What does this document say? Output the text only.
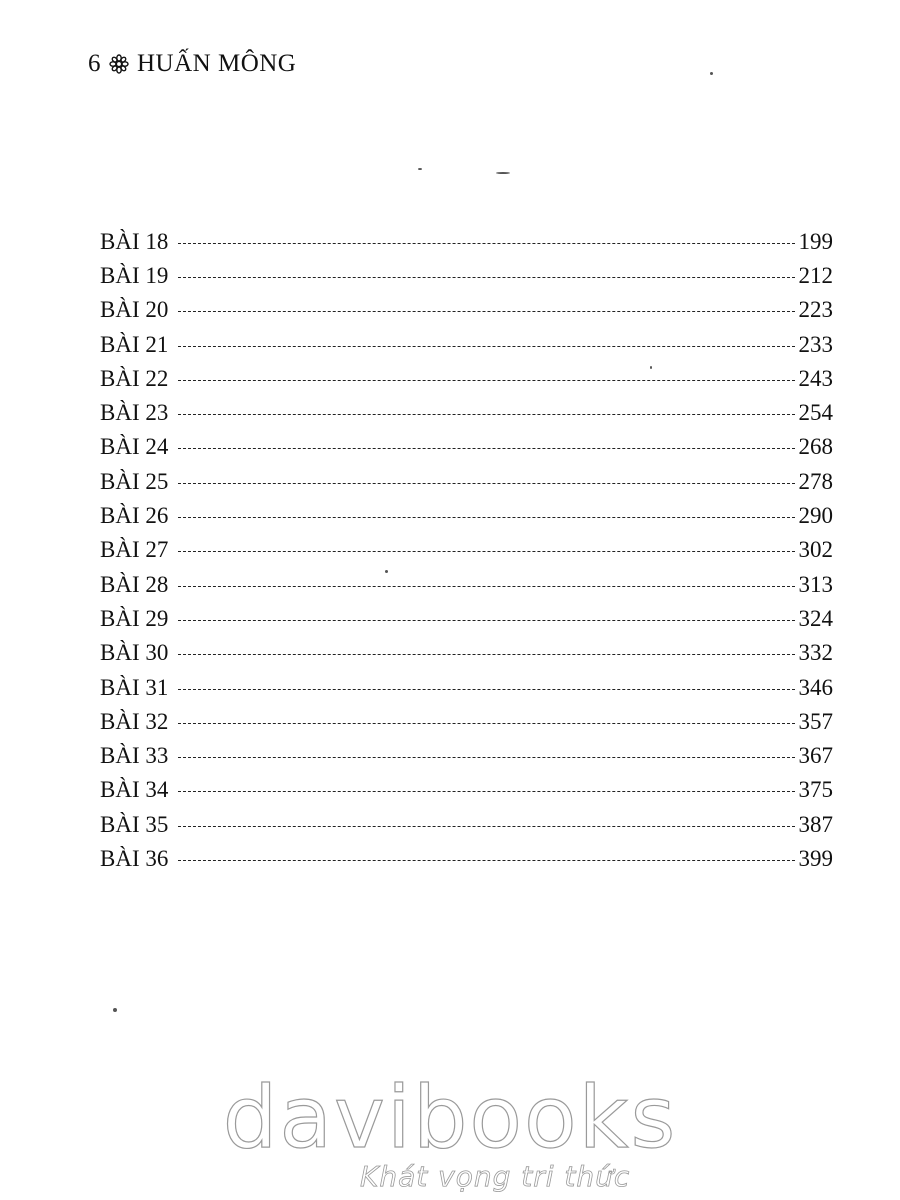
6 HUẤN MÔNG
BÀI 18	199
BÀI 19	212
BÀI 20	223
BÀI 21	233
BÀI 22	243
BÀI 23	254
BÀI 24	268
BÀI 25	278
BÀI 26	290
BÀI 27	302
BÀI 28	313
BÀI 29	324
BÀI 30	332
BÀI 31	346
BÀI 32	357
BÀI 33	367
BÀI 34	375
BÀI 35	387
BÀI 36	399
davibooks
Khát vọng tri thức
